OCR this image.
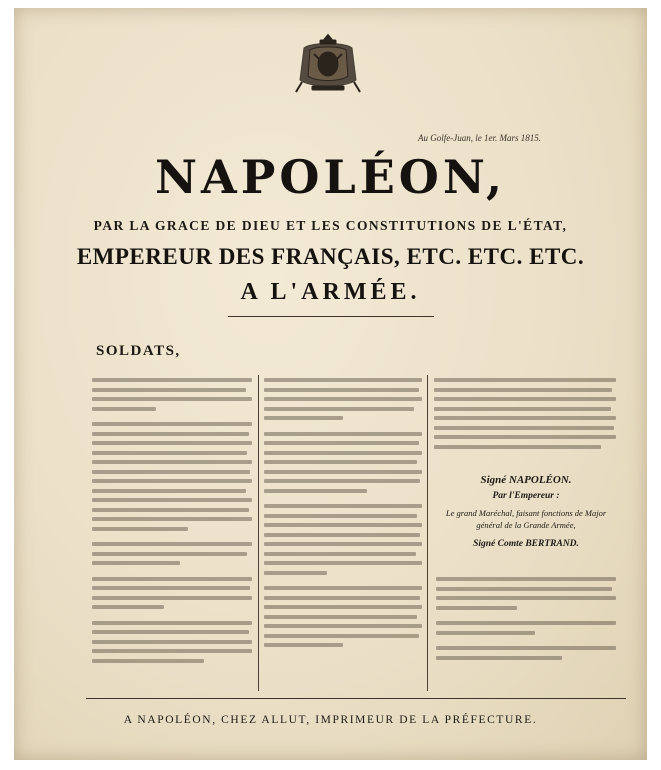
Au Golfe-Juan, le 1er. Mars 1815.
NAPOLÉON,
PAR LA GRACE DE DIEU ET LES CONSTITUTIONS DE L'ÉTAT,
EMPEREUR DES FRANÇAIS, ETC. ETC. ETC.
A L'ARMÉE.
SOLDATS,
Signé NAPOLÉON.
Par l'Empereur :
Le grand Maréchal, faisant fonctions de Major général de la Grande Armée,
Signé Comte BERTRAND.
A NAPOLÉON, CHEZ ALLUT, IMPRIMEUR DE LA PRÉFECTURE.
